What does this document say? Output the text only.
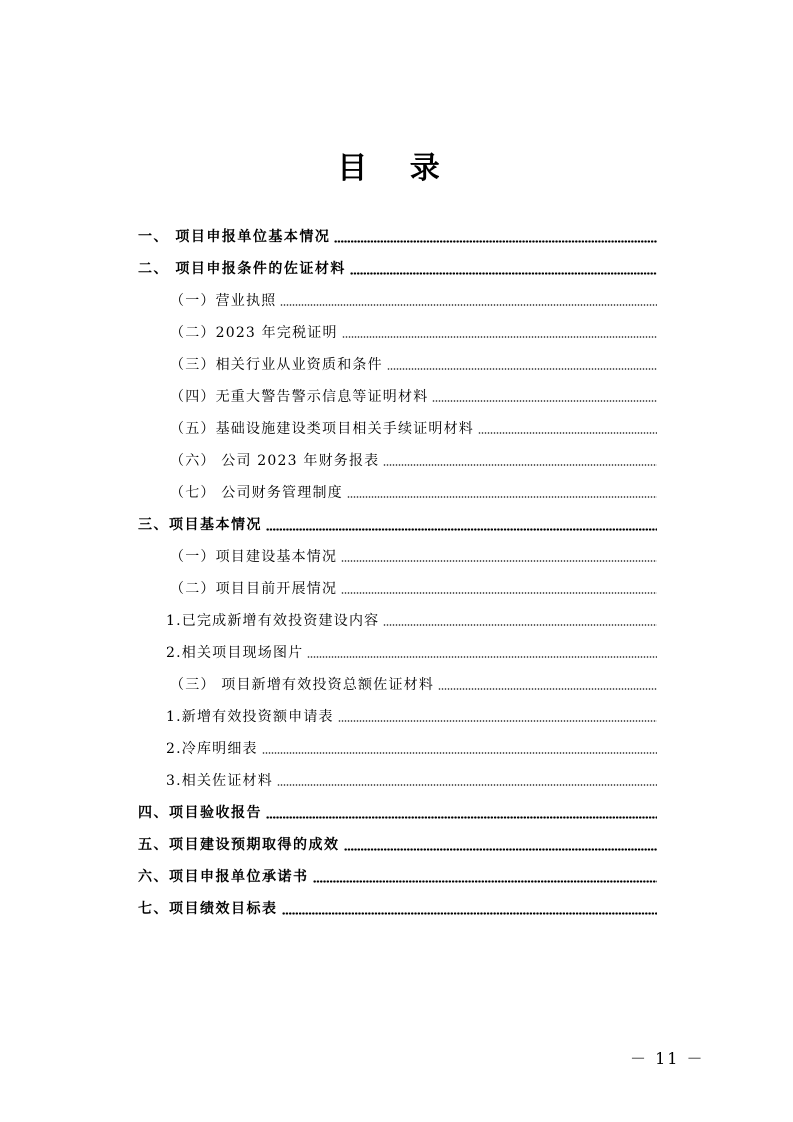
目 录
一、 项目申报单位基本情况
二、 项目申报条件的佐证材料
（一）营业执照
（二）2023 年完税证明
（三）相关行业从业资质和条件
（四）无重大警告警示信息等证明材料
（五）基础设施建设类项目相关手续证明材料
（六） 公司 2023 年财务报表
（七） 公司财务管理制度
三、项目基本情况
（一）项目建设基本情况
（二）项目目前开展情况
1.已完成新增有效投资建设内容
2.相关项目现场图片
（三） 项目新增有效投资总额佐证材料
1.新增有效投资额申请表
2.冷库明细表
3.相关佐证材料
四、项目验收报告
五、项目建设预期取得的成效
六、项目申报单位承诺书
七、项目绩效目标表
－ 11 －
